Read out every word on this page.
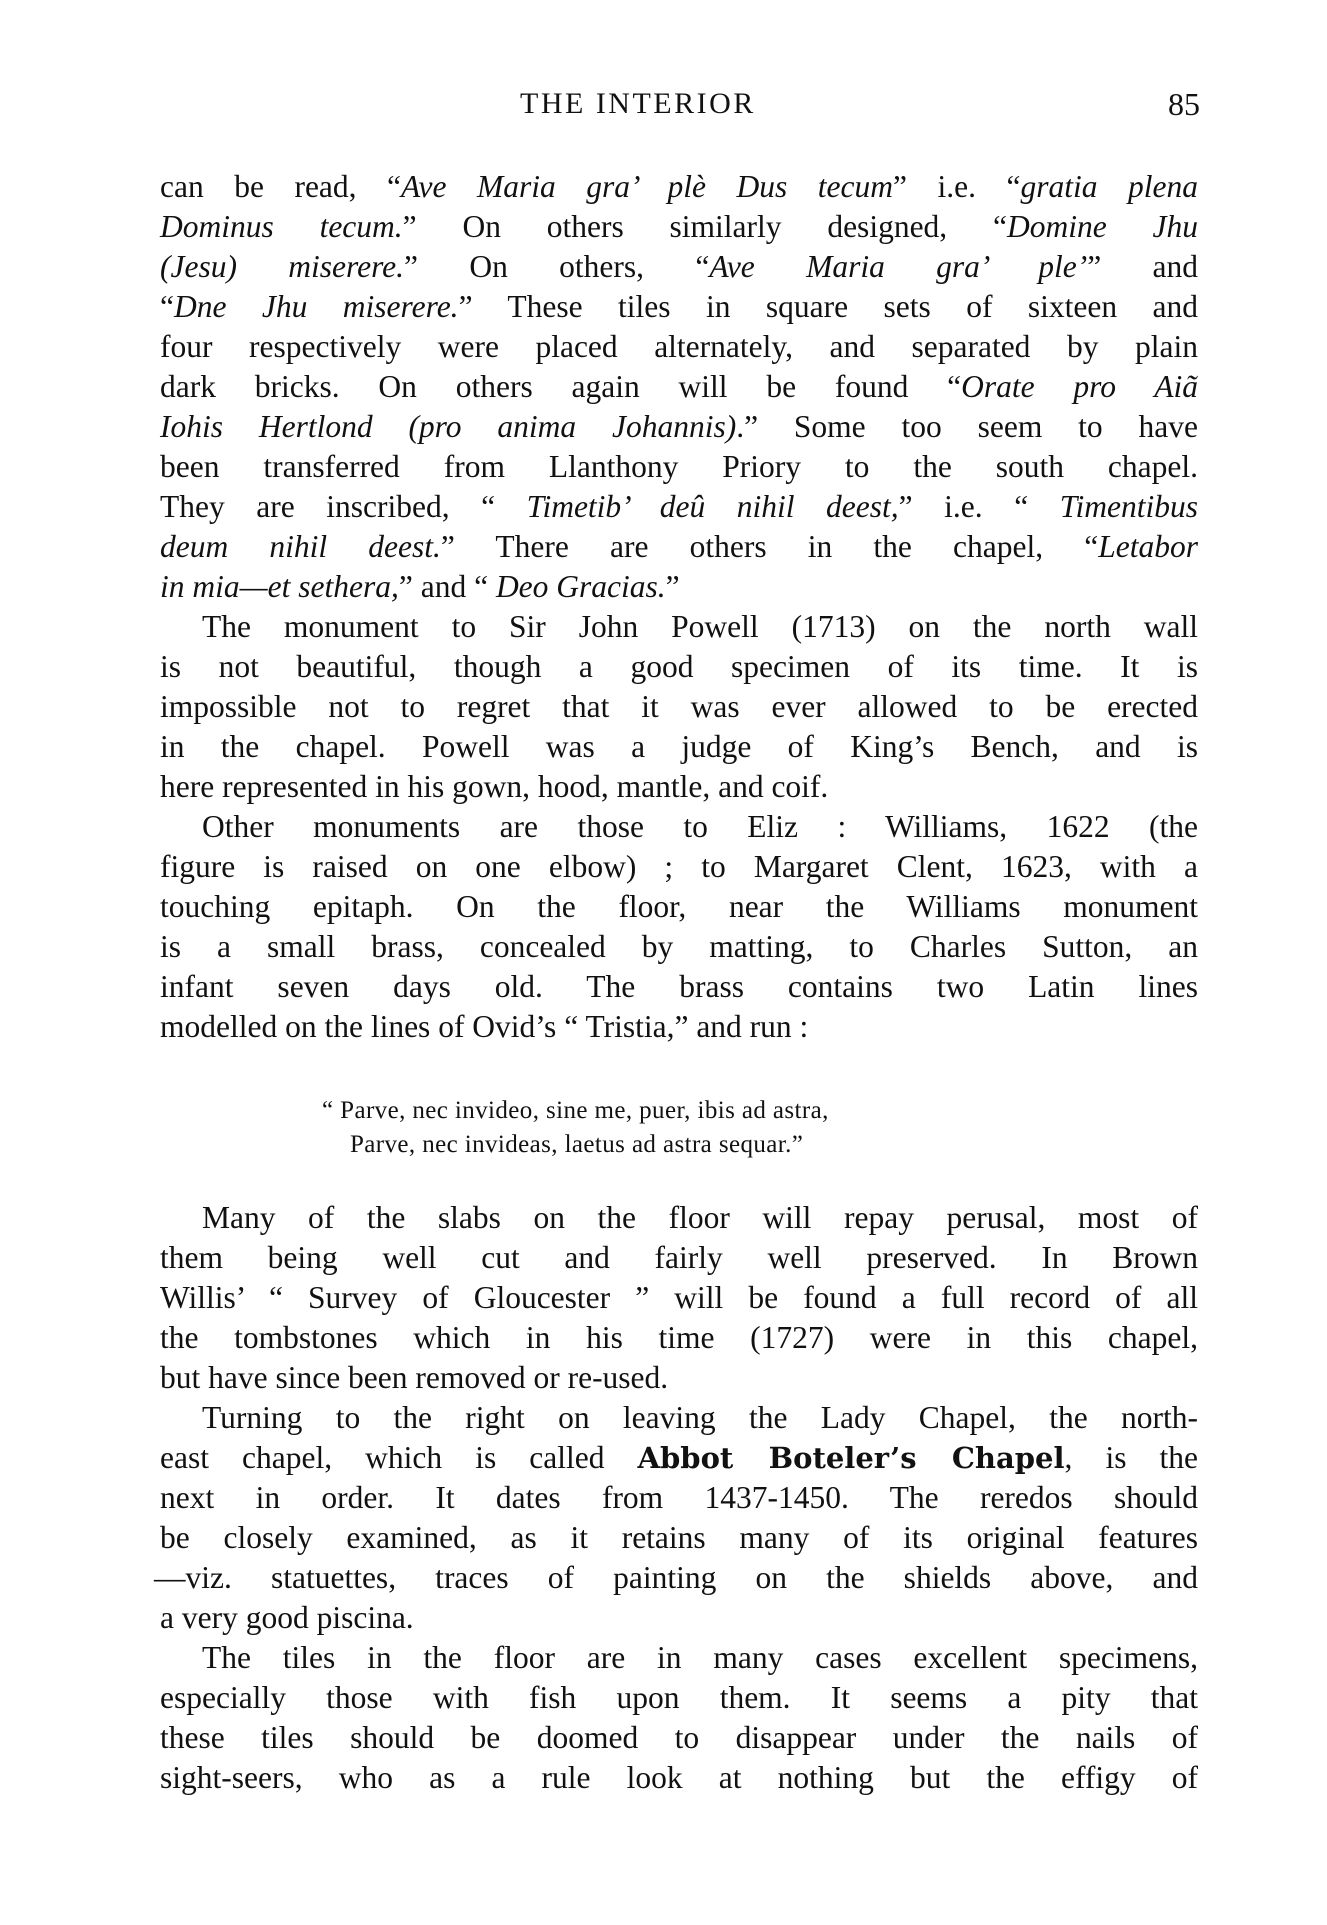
THE INTERIOR	85
can be read, “Ave Maria gra’ plè Dus tecum” i.e. “gratia plena
Dominus tecum.” On others similarly designed, “Domine Jhu
(Jesu) miserere.” On others, “Ave Maria gra’ ple’” and
“Dne Jhu miserere.” These tiles in square sets of sixteen and
four respectively were placed alternately, and separated by plain
dark bricks. On others again will be found “Orate pro Aiã
Iohis Hertlond (pro anima Johannis).” Some too seem to have
been transferred from Llanthony Priory to the south chapel.
They are inscribed, “ Timetib’ deû nihil deest,” i.e. “ Timentibus
deum nihil deest.” There are others in the chapel, “Letabor
in mia—et sethera,” and “ Deo Gracias.”
The monument to Sir John Powell (1713) on the north wall
is not beautiful, though a good specimen of its time. It is
impossible not to regret that it was ever allowed to be erected
in the chapel. Powell was a judge of King’s Bench, and is
here represented in his gown, hood, mantle, and coif.
Other monuments are those to Eliz : Williams, 1622 (the
figure is raised on one elbow) ; to Margaret Clent, 1623, with a
touching epitaph. On the floor, near the Williams monument
is a small brass, concealed by matting, to Charles Sutton, an
infant seven days old. The brass contains two Latin lines
modelled on the lines of Ovid’s “ Tristia,” and run :
“ Parve, nec invideo, sine me, puer, ibis ad astra,
Parve, nec invideas, laetus ad astra sequar.”
Many of the slabs on the floor will repay perusal, most of
them being well cut and fairly well preserved. In Brown
Willis’ “ Survey of Gloucester ” will be found a full record of all
the tombstones which in his time (1727) were in this chapel,
but have since been removed or re-used.
Turning to the right on leaving the Lady Chapel, the north-
east chapel, which is called Abbot Boteler’s Chapel, is the
next in order. It dates from 1437-1450. The reredos should
be closely examined, as it retains many of its original features
—viz. statuettes, traces of painting on the shields above, and
a very good piscina.
The tiles in the floor are in many cases excellent specimens,
especially those with fish upon them. It seems a pity that
these tiles should be doomed to disappear under the nails of
sight-seers, who as a rule look at nothing but the effigy of
